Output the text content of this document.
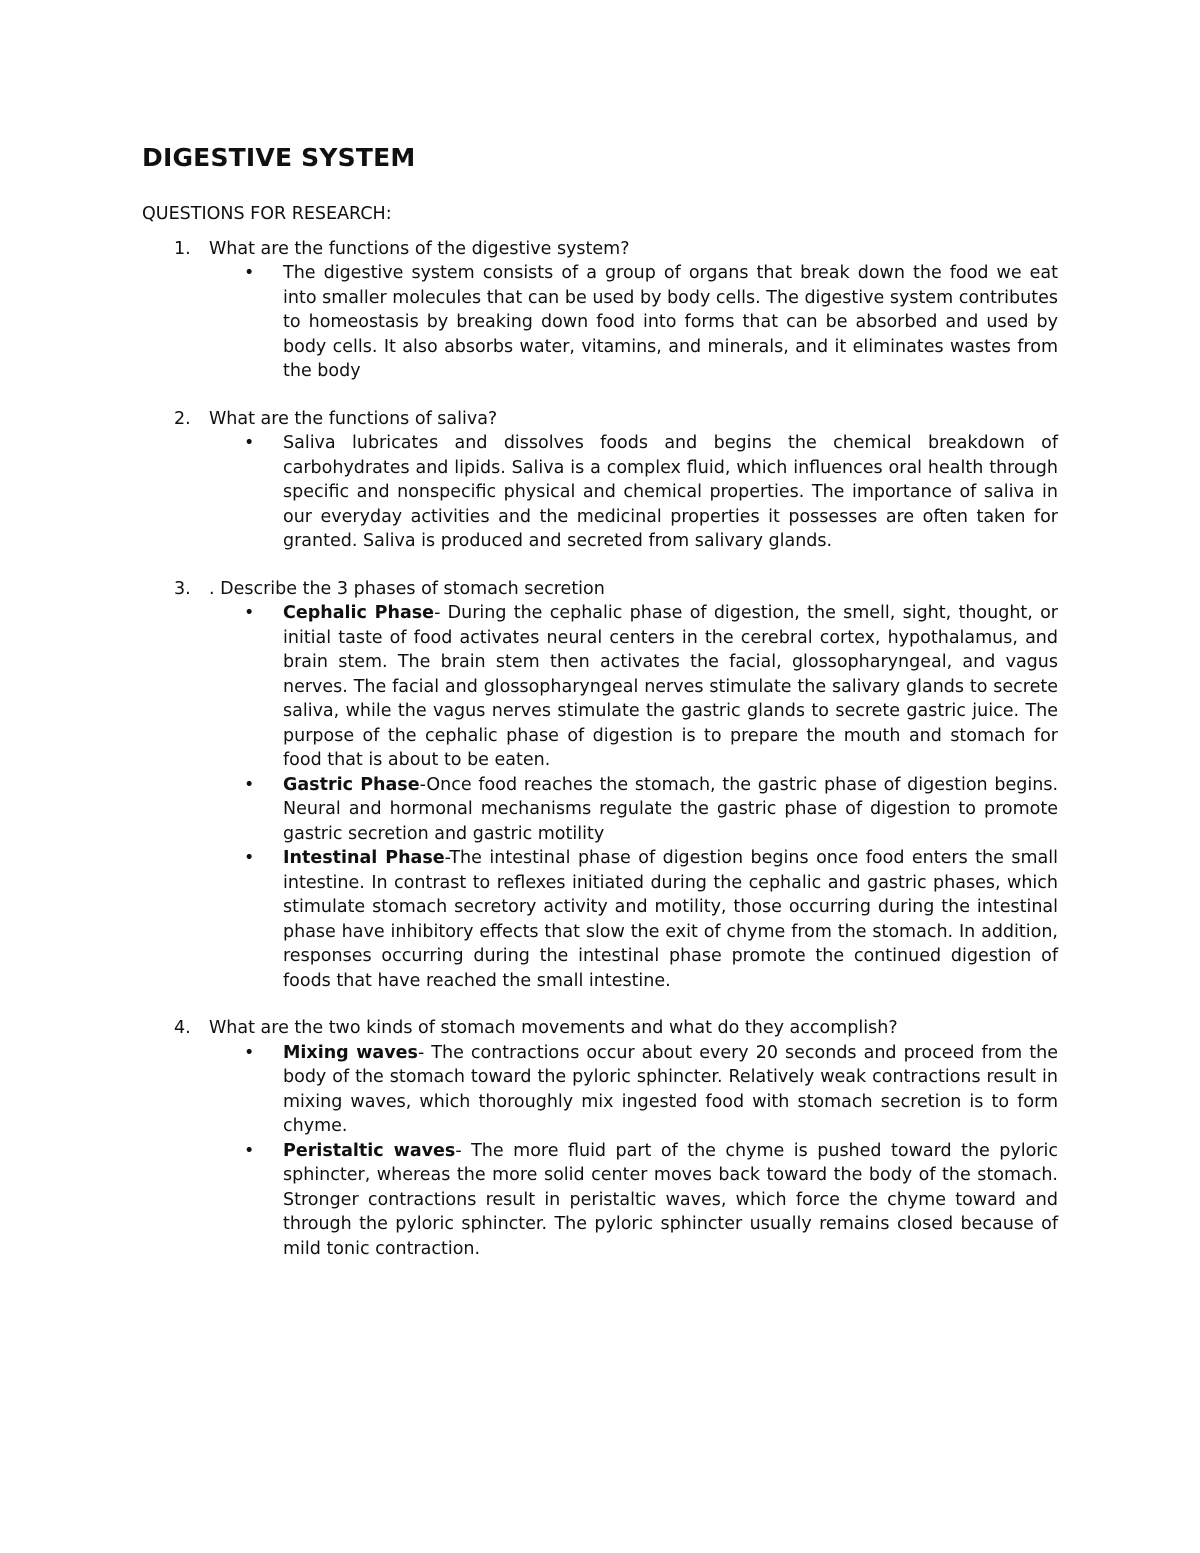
DIGESTIVE SYSTEM
QUESTIONS FOR RESEARCH:
1. What are the functions of the digestive system?
• The digestive system consists of a group of organs that break down the food we eat into smaller molecules that can be used by body cells. The digestive system contributes to homeostasis by breaking down food into forms that can be absorbed and used by body cells. It also absorbs water, vitamins, and minerals, and it eliminates wastes from the body
2. What are the functions of saliva?
• Saliva lubricates and dissolves foods and begins the chemical breakdown of carbohydrates and lipids. Saliva is a complex fluid, which influences oral health through specific and nonspecific physical and chemical properties. The importance of saliva in our everyday activities and the medicinal properties it possesses are often taken for granted. Saliva is produced and secreted from salivary glands.
3. . Describe the 3 phases of stomach secretion
• Cephalic Phase- During the cephalic phase of digestion, the smell, sight, thought, or initial taste of food activates neural centers in the cerebral cortex, hypothalamus, and brain stem. The brain stem then activates the facial, glossopharyngeal, and vagus nerves. The facial and glossopharyngeal nerves stimulate the salivary glands to secrete saliva, while the vagus nerves stimulate the gastric glands to secrete gastric juice. The purpose of the cephalic phase of digestion is to prepare the mouth and stomach for food that is about to be eaten.
• Gastric Phase-Once food reaches the stomach, the gastric phase of digestion begins. Neural and hormonal mechanisms regulate the gastric phase of digestion to promote gastric secretion and gastric motility
• Intestinal Phase-The intestinal phase of digestion begins once food enters the small intestine. In contrast to reflexes initiated during the cephalic and gastric phases, which stimulate stomach secretory activity and motility, those occurring during the intestinal phase have inhibitory effects that slow the exit of chyme from the stomach. In addition, responses occurring during the intestinal phase promote the continued digestion of foods that have reached the small intestine.
4. What are the two kinds of stomach movements and what do they accomplish?
• Mixing waves- The contractions occur about every 20 seconds and proceed from the body of the stomach toward the pyloric sphincter. Relatively weak contractions result in mixing waves, which thoroughly mix ingested food with stomach secretion is to form chyme.
• Peristaltic waves- The more fluid part of the chyme is pushed toward the pyloric sphincter, whereas the more solid center moves back toward the body of the stomach. Stronger contractions result in peristaltic waves, which force the chyme toward and through the pyloric sphincter. The pyloric sphincter usually remains closed because of mild tonic contraction.
